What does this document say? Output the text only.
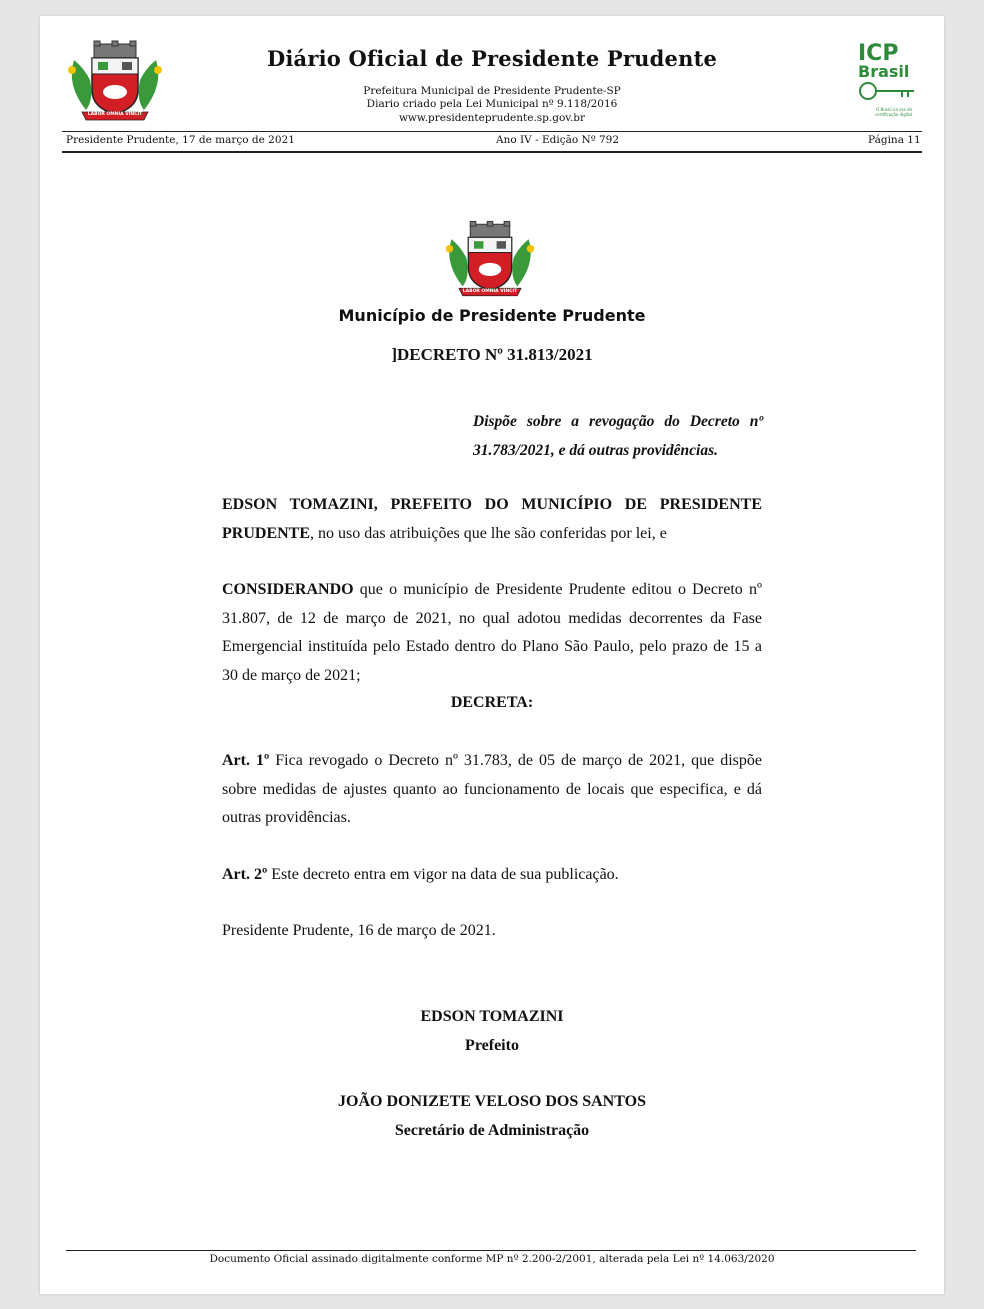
LABOR OMNIA VINCIT
Diário Oficial de Presidente Prudente
Prefeitura Municipal de Presidente Prudente-SP
Diario criado pela Lei Municipal nº 9.118/2016
www.presidenteprudente.sp.gov.br
ICP
Brasil
O Brasil na era da certificação digital
Presidente Prudente, 17 de março de 2021	Ano IV - Edição Nº 792	Página 11
LABOR OMNIA VINCIT
Município de Presidente Prudente
]DECRETO Nº 31.813/2021
Dispõe sobre a revogação do Decreto nº
31.783/2021, e dá outras providências.
EDSON TOMAZINI, PREFEITO DO MUNICÍPIO DE PRESIDENTE PRUDENTE, no uso das atribuições que lhe são conferidas por lei, e
CONSIDERANDO que o município de Presidente Prudente editou o Decreto nº 31.807, de 12 de março de 2021, no qual adotou medidas decorrentes da Fase Emergencial instituída pelo Estado dentro do Plano São Paulo, pelo prazo de 15 a 30 de março de 2021;
DECRETA:
Art. 1º Fica revogado o Decreto nº 31.783, de 05 de março de 2021, que dispõe sobre medidas de ajustes quanto ao funcionamento de locais que especifica, e dá outras providências.
Art. 2º Este decreto entra em vigor na data de sua publicação.
Presidente Prudente, 16 de março de 2021.
EDSON TOMAZINI
Prefeito
JOÃO DONIZETE VELOSO DOS SANTOS
Secretário de Administração
Documento Oficial assinado digitalmente conforme MP nº 2.200-2/2001, alterada pela Lei nº 14.063/2020
